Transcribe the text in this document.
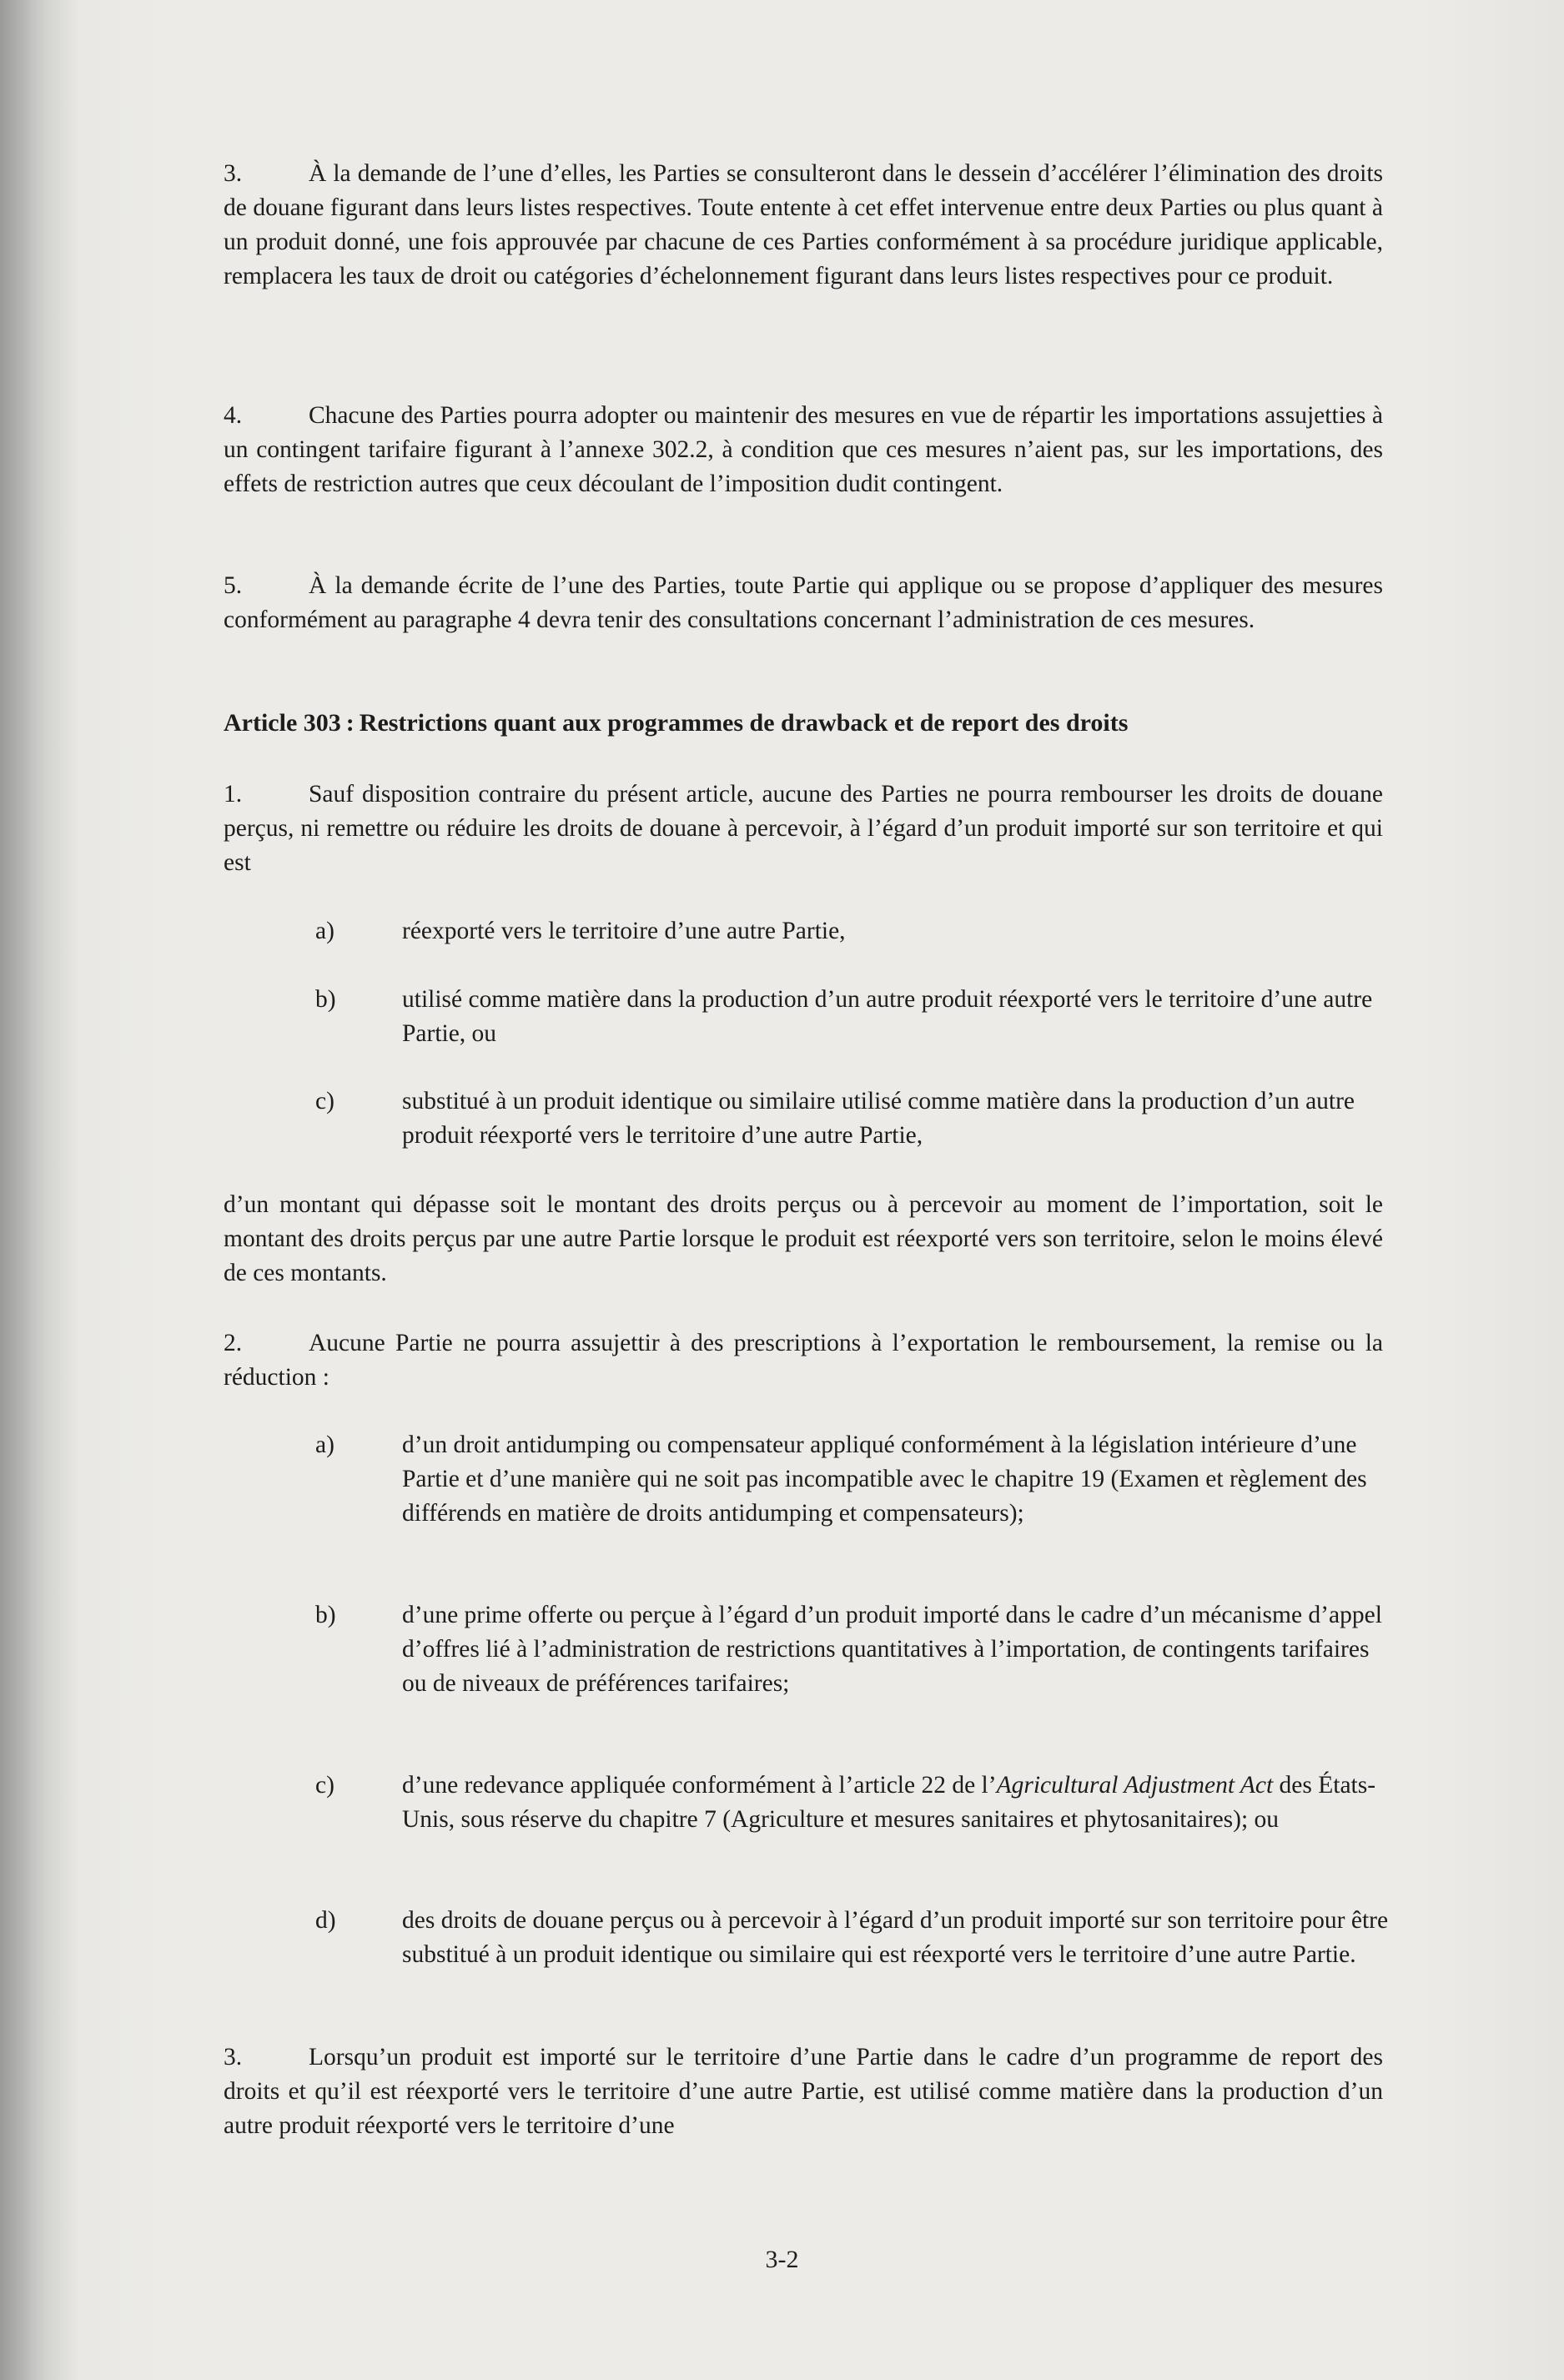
3.	À la demande de l’une d’elles, les Parties se consulteront dans le dessein d’accélérer l’élimination des droits de douane figurant dans leurs listes respectives. Toute entente à cet effet intervenue entre deux Parties ou plus quant à un produit donné, une fois approuvée par chacune de ces Parties conformément à sa procédure juridique applicable, remplacera les taux de droit ou catégories d’échelonnement figurant dans leurs listes respectives pour ce produit.

4.	Chacune des Parties pourra adopter ou maintenir des mesures en vue de répartir les importations assujetties à un contingent tarifaire figurant à l’annexe 302.2, à condition que ces mesures n’aient pas, sur les importations, des effets de restriction autres que ceux découlant de l’imposition dudit contingent.

5.	À la demande écrite de l’une des Parties, toute Partie qui applique ou se propose d’appliquer des mesures conformément au paragraphe 4 devra tenir des consultations concernant l’administration de ces mesures.

Article 303 : Restrictions quant aux programmes de drawback et de report des droits

1.	Sauf disposition contraire du présent article, aucune des Parties ne pourra rembourser les droits de douane perçus, ni remettre ou réduire les droits de douane à percevoir, à l’égard d’un produit importé sur son territoire et qui est

a)	réexporté vers le territoire d’une autre Partie,
b)	utilisé comme matière dans la production d’un autre produit réexporté vers le territoire d’une autre Partie, ou
c)	substitué à un produit identique ou similaire utilisé comme matière dans la production d’un autre produit réexporté vers le territoire d’une autre Partie,

d’un montant qui dépasse soit le montant des droits perçus ou à percevoir au moment de l’importation, soit le montant des droits perçus par une autre Partie lorsque le produit est réexporté vers son territoire, selon le moins élevé de ces montants.

2.	Aucune Partie ne pourra assujettir à des prescriptions à l’exportation le remboursement, la remise ou la réduction :

a)	d’un droit antidumping ou compensateur appliqué conformément à la législation intérieure d’une Partie et d’une manière qui ne soit pas incompatible avec le chapitre 19 (Examen et règlement des différends en matière de droits antidumping et compensateurs);
b)	d’une prime offerte ou perçue à l’égard d’un produit importé dans le cadre d’un mécanisme d’appel d’offres lié à l’administration de restrictions quantitatives à l’importation, de contingents tarifaires ou de niveaux de préférences tarifaires;
c)	d’une redevance appliquée conformément à l’article 22 de l’Agricultural Adjustment Act des États-Unis, sous réserve du chapitre 7 (Agriculture et mesures sanitaires et phytosanitaires); ou
d)	des droits de douane perçus ou à percevoir à l’égard d’un produit importé sur son territoire pour être substitué à un produit identique ou similaire qui est réexporté vers le territoire d’une autre Partie.

3.	Lorsqu’un produit est importé sur le territoire d’une Partie dans le cadre d’un programme de report des droits et qu’il est réexporté vers le territoire d’une autre Partie, est utilisé comme matière dans la production d’un autre produit réexporté vers le territoire d’une

3-2
